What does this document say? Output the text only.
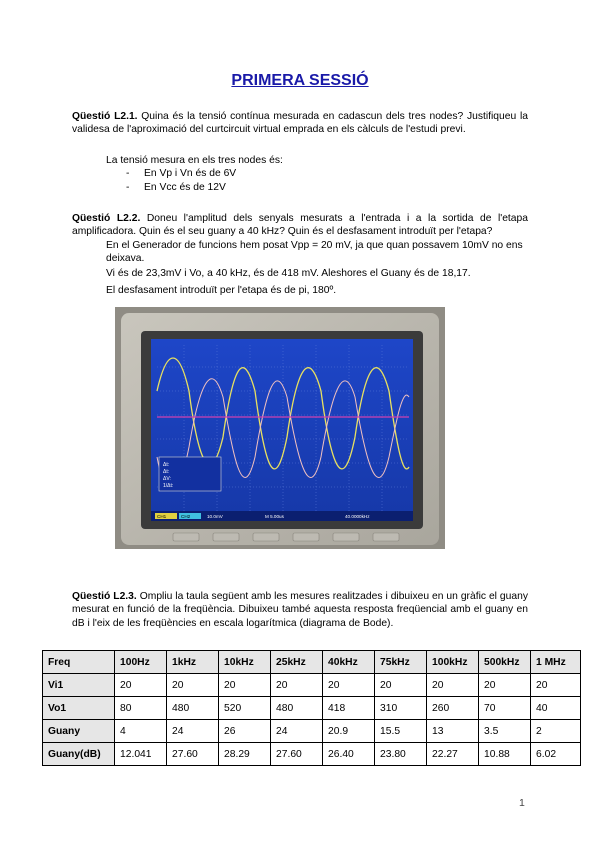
PRIMERA SESSIÓ
Qüestió L2.1. Quina és la tensió contínua mesurada en cadascun dels tres nodes? Justifiqueu la validesa de l'aproximació del curtcircuit virtual emprada en els càlculs de l'estudi previ.
La tensió mesura en els tres nodes és:
- En Vp i Vn és de 6V
- En Vcc és de 12V
Qüestió L2.2. Doneu l'amplitud dels senyals mesurats a l'entrada i a la sortida de l'etapa amplificadora. Quin és el seu guany a 40 kHz? Quin és el desfasament introduït per l'etapa?
En el Generador de funcions hem posat Vpp = 20 mV, ja que quan possavem 10mV no ens deixava.
Vi és de 23,3mV i Vo, a 40 kHz, és de 418 mV. Aleshores el Guany és de 18,17.
El desfasament introduït per l'etapa és de pi, 180º.
Δt:
Δt:
ΔV:
1/Δt:
CH1	CH2	10.0mV	M 5.00us	40.0000kHz
Qüestió L2.3. Ompliu la taula següent amb les mesures realitzades i dibuixeu en un gràfic el guany mesurat en funció de la freqüència. Dibuixeu també aquesta resposta freqüencial amb el guany en dB i l'eix de les freqüències en escala logarítmica (diagrama de Bode).
Freq	100Hz	1kHz	10kHz	25kHz	40kHz	75kHz	100kHz	500kHz	1 MHz
Vi1	20	20	20	20	20	20	20	20	20
Vo1	80	480	520	480	418	310	260	70	40
Guany	4	24	26	24	20.9	15.5	13	3.5	2
Guany(dB)	12.041	27.60	28.29	27.60	26.40	23.80	22.27	10.88	6.02
1
